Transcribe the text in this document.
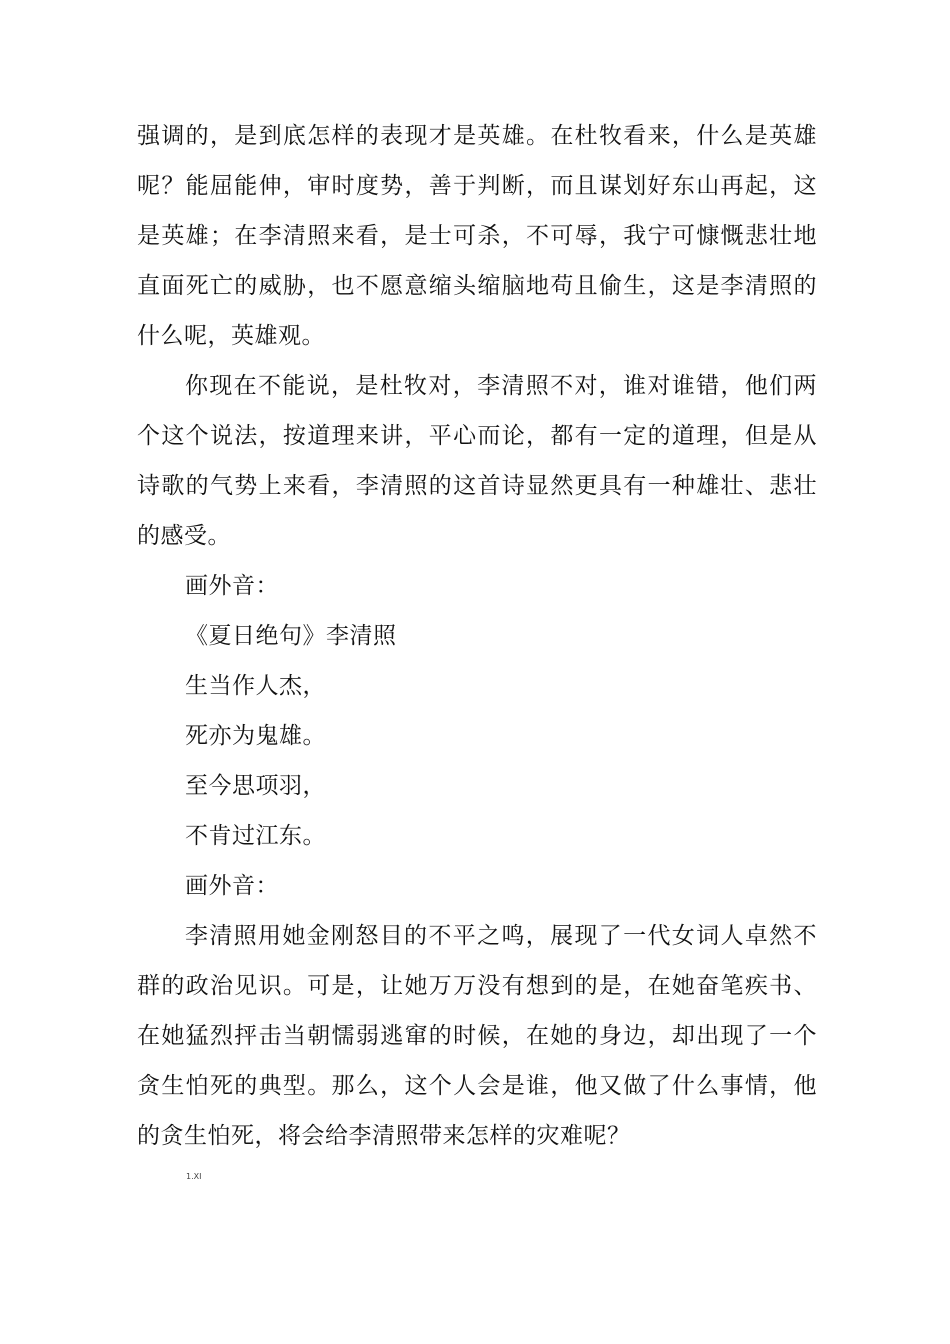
强调的，是到底怎样的表现才是英雄。在杜牧看来，什么是英雄呢？能屈能伸，审时度势，善于判断，而且谋划好东山再起，这是英雄；在李清照来看，是士可杀，不可辱，我宁可慷慨悲壮地直面死亡的威胁，也不愿意缩头缩脑地苟且偷生，这是李清照的什么呢，英雄观。

你现在不能说，是杜牧对，李清照不对，谁对谁错，他们两个这个说法，按道理来讲，平心而论，都有一定的道理，但是从诗歌的气势上来看，李清照的这首诗显然更具有一种雄壮、悲壮的感受。

画外音：

《夏日绝句》李清照

生当作人杰，

死亦为鬼雄。

至今思项羽，

不肯过江东。

画外音：

李清照用她金刚怒目的不平之鸣，展现了一代女词人卓然不群的政治见识。可是，让她万万没有想到的是，在她奋笔疾书、在她猛烈抨击当朝懦弱逃窜的时候，在她的身边，却出现了一个贪生怕死的典型。那么，这个人会是谁，他又做了什么事情，他的贪生怕死，将会给李清照带来怎样的灾难呢？

1.XI
